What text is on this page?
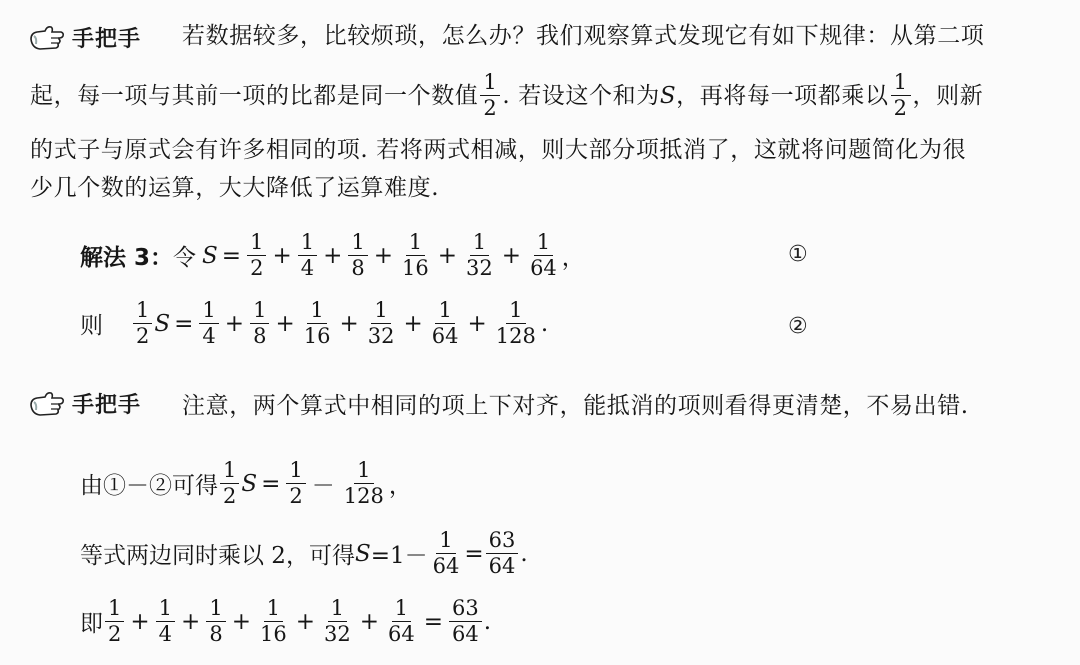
手把手 若数据较多，比较烦琐，怎么办？我们观察算式发现它有如下规律：从第二项
起，每一项与其前一项的比都是同一个数值 $\frac{1}{2}$ . 若设这个和为 S ，再将每一项都乘以 $\frac{1}{2}$ ，则新
的式子与原式会有许多相同的项. 若将两式相减，则大部分项抵消了，这就将问题简化为很
少几个数的运算，大大降低了运算难度.
解法 3： 令 $S = \frac{1}{2} + \frac{1}{4} + \frac{1}{8} + \frac{1}{16} + \frac{1}{32} + \frac{1}{64}$ ，	①
则 $\frac{1}{2}$ $S = \frac{1}{4} + \frac{1}{8} + \frac{1}{16} + \frac{1}{32} + \frac{1}{64} + \frac{1}{128}$ .	②
手把手 注意，两个算式中相同的项上下对齐，能抵消的项则看得更清楚，不易出错.
由①－②可得 $\frac{1}{2}$ $S = \frac{1}{2} - \frac{1}{128}$ ，
等式两边同时乘以 2，可得 $S =1- \frac{1}{64} = \frac{63}{64}$ .
即 $\frac{1}{2} + \frac{1}{4} + \frac{1}{8} + \frac{1}{16} + \frac{1}{32} + \frac{1}{64} = \frac{63}{64}$ .
